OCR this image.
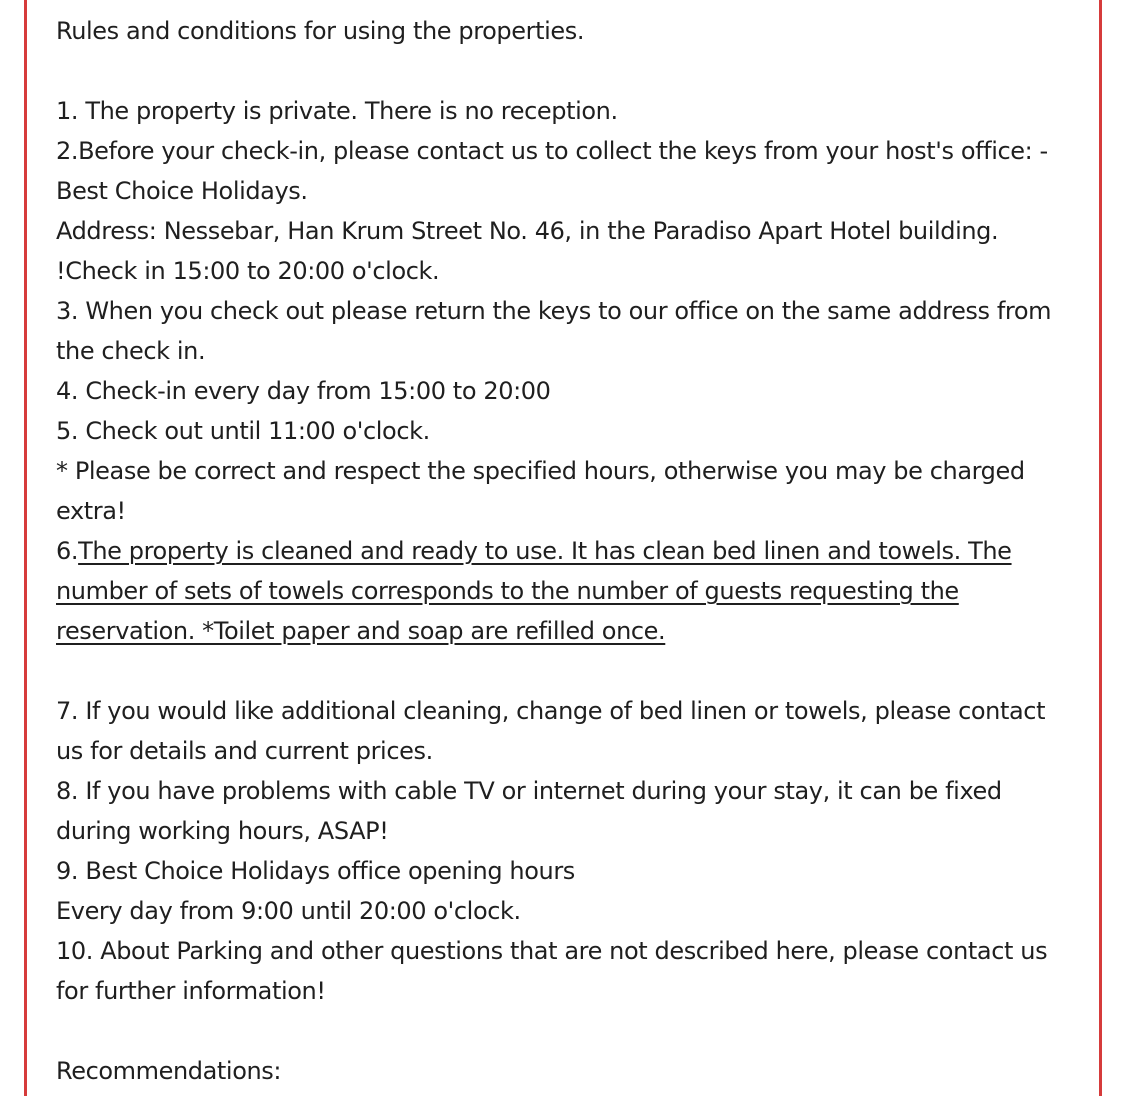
Rules and conditions for using the properties.
1. The property is private. There is no reception.
2.Before your check-in, please contact us to collect the keys from your host's office: -
Best Choice Holidays.
Address: Nessebar, Han Krum Street No. 46, in the Paradiso Apart Hotel building.
!Check in 15:00 to 20:00 o'clock.
3. When you check out please return the keys to our office on the same address from
the check in.
4. Check-in every day from 15:00 to 20:00
5. Check out until 11:00 o'clock.
* Please be correct and respect the specified hours, otherwise you may be charged
extra!
6.The property is cleaned and ready to use. It has clean bed linen and towels. The
number of sets of towels corresponds to the number of guests requesting the
reservation. *Toilet paper and soap are refilled once.
7. If you would like additional cleaning, change of bed linen or towels, please contact
us for details and current prices.
8. If you have problems with cable TV or internet during your stay, it can be fixed
during working hours, ASAP!
9. Best Choice Holidays office opening hours
Every day from 9:00 until 20:00 o'clock.
10. About Parking and other questions that are not described here, please contact us
for further information!
Recommendations:
